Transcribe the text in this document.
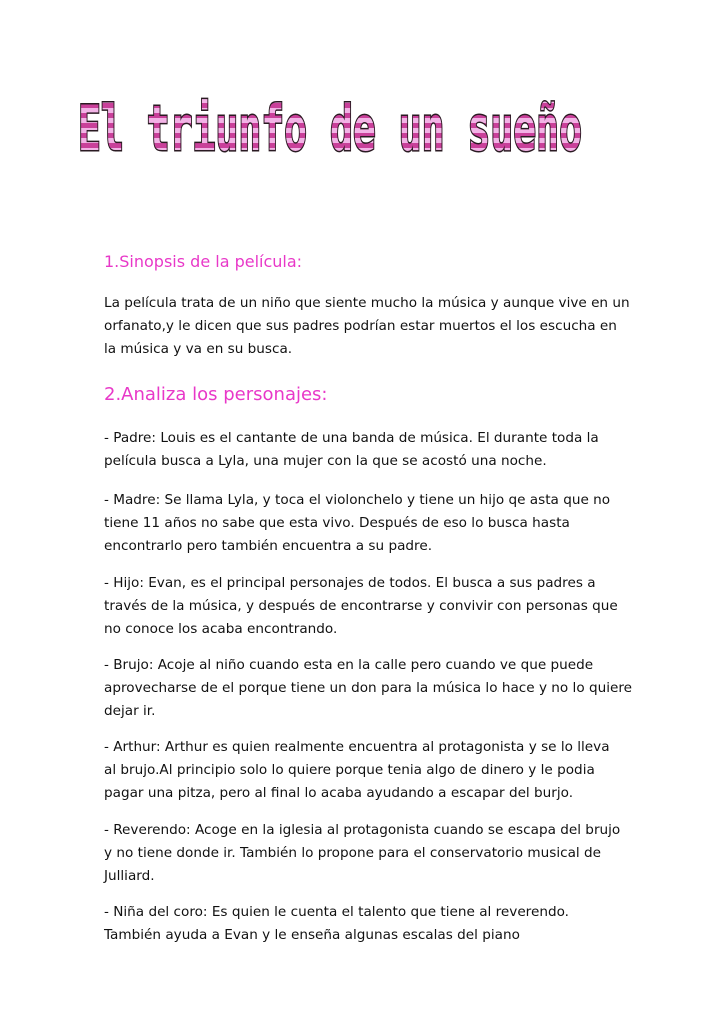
El triunfo de un sueño
1.Sinopsis de la película:
La película trata de un niño que siente mucho la música y aunque vive en un
orfanato,y le dicen que sus padres podrían estar muertos el los escucha en
la música y va en su busca.
2.Analiza los personajes:
- Padre: Louis es el cantante de una banda de música. El durante toda la
película busca a Lyla, una mujer con la que se acostó una noche.
- Madre: Se llama Lyla, y toca el violonchelo y tiene un hijo qe asta que no
tiene 11 años no sabe que esta vivo. Después de eso lo busca hasta
encontrarlo pero también encuentra a su padre.
- Hijo: Evan, es el principal personajes de todos. El busca a sus padres a
través de la música, y después de encontrarse y convivir con personas que
no conoce los acaba encontrando.
- Brujo: Acoje al niño cuando esta en la calle pero cuando ve que puede
aprovecharse de el porque tiene un don para la música lo hace y no lo quiere
dejar ir.
- Arthur: Arthur es quien realmente encuentra al protagonista y se lo lleva
al brujo.Al principio solo lo quiere porque tenia algo de dinero y le podia
pagar una pitza, pero al final lo acaba ayudando a escapar del burjo.
- Reverendo: Acoge en la iglesia al protagonista cuando se escapa del brujo
y no tiene donde ir. También lo propone para el conservatorio musical de
Julliard.
- Niña del coro: Es quien le cuenta el talento que tiene al reverendo.
También ayuda a Evan y le enseña algunas escalas del piano
